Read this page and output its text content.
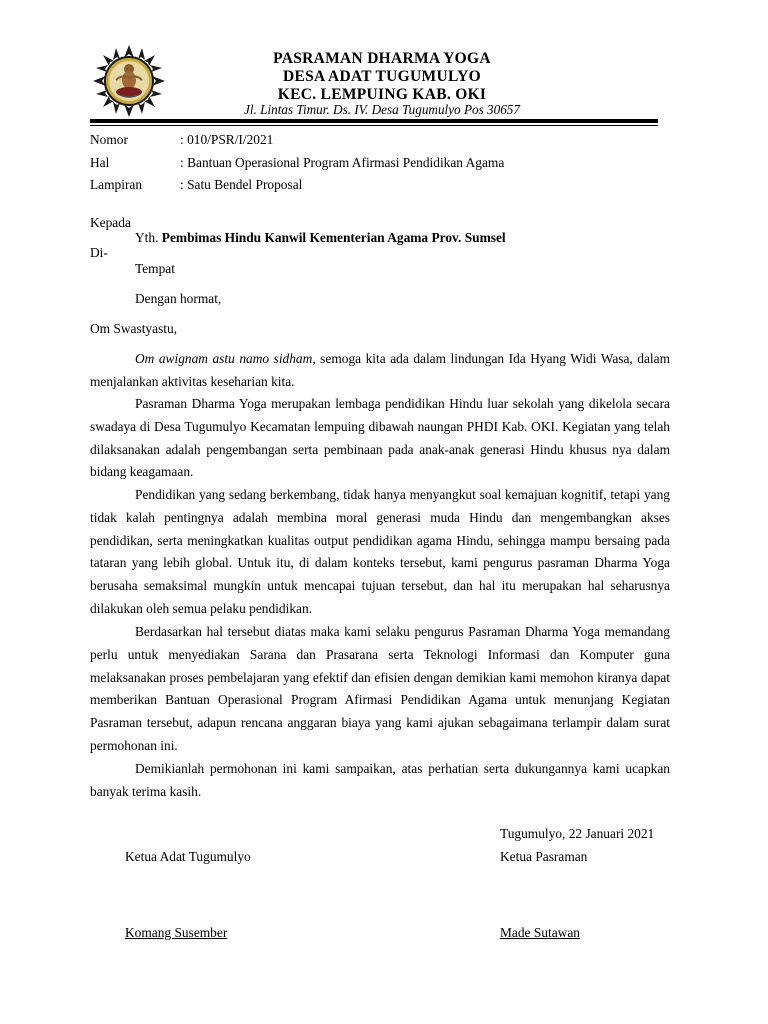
PASRAMAN DHARMA YOGA
DESA ADAT TUGUMULYO
KEC. LEMPUING KAB. OKI
Jl. Lintas Timur. Ds. IV. Desa Tugumulyo Pos 30657
Nomor	: 010/PSR/I/2021
Hal	: Bantuan Operasional Program Afirmasi Pendidikan Agama
Lampiran	: Satu Bendel Proposal
Kepada
Yth. Pembimas Hindu Kanwil Kementerian Agama Prov. Sumsel
Di-
Tempat
Dengan hormat,
Om Swastyastu,
Om awignam astu namo sidham, semoga kita ada dalam lindungan Ida Hyang Widi Wasa, dalam menjalankan aktivitas keseharian kita.
Pasraman Dharma Yoga merupakan lembaga pendidikan Hindu luar sekolah yang dikelola secara swadaya di Desa Tugumulyo Kecamatan lempuing dibawah naungan PHDI Kab. OKI. Kegiatan yang telah dilaksanakan adalah pengembangan serta pembinaan pada anak-anak generasi Hindu khusus nya dalam bidang keagamaan.
Pendidikan yang sedang berkembang, tidak hanya menyangkut soal kemajuan kognitif, tetapi yang tidak kalah pentingnya adalah membina moral generasi muda Hindu dan mengembangkan akses pendidikan, serta meningkatkan kualitas output pendidikan agama Hindu, sehingga mampu bersaing pada tataran yang lebih global. Untuk itu, di dalam konteks tersebut, kami pengurus pasraman Dharma Yoga berusaha semaksimal mungkin untuk mencapai tujuan tersebut, dan hal itu merupakan hal seharusnya dilakukan oleh semua pelaku pendidikan.
Berdasarkan hal tersebut diatas maka kami selaku pengurus Pasraman Dharma Yoga memandang perlu untuk menyediakan Sarana dan Prasarana serta Teknologi Informasi dan Komputer guna melaksanakan proses pembelajaran yang efektif dan efisien dengan demikian kami memohon kiranya dapat memberikan Bantuan Operasional Program Afirmasi Pendidikan Agama untuk menunjang Kegiatan Pasraman tersebut, adapun rencana anggaran biaya yang kami ajukan sebagaimana terlampir dalam surat permohonan ini.
Demikianlah permohonan ini kami sampaikan, atas perhatian serta dukungannya kami ucapkan banyak terima kasih.
Tugumulyo, 22 Januari 2021
Ketua Adat Tugumulyo	Ketua Pasraman
Komang Susember	Made Sutawan
